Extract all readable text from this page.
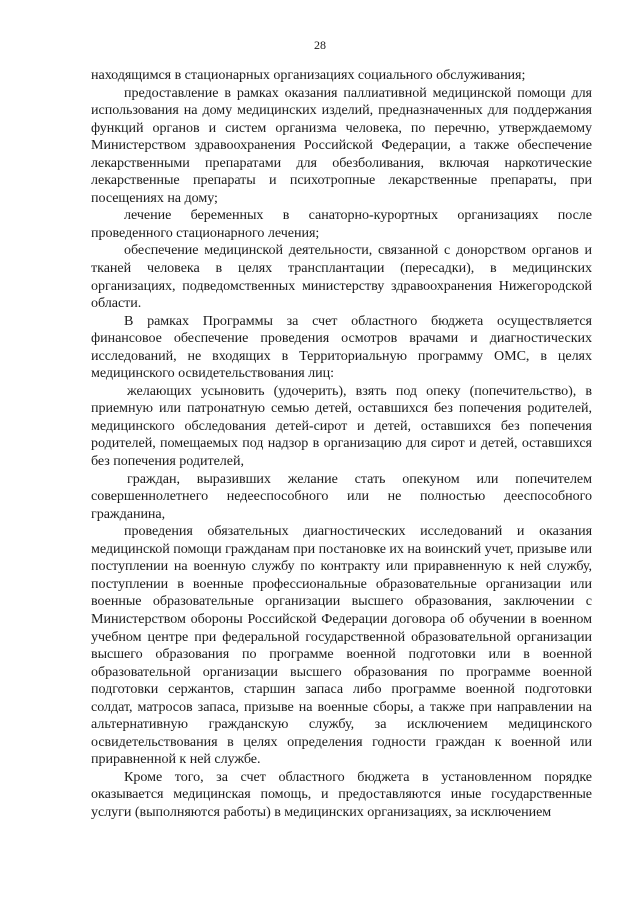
28

находящимся в стационарных организациях социального обслуживания;

предоставление в рамках оказания паллиативной медицинской помощи для использования на дому медицинских изделий, предназначенных для поддержания функций органов и систем организма человека, по перечню, утверждаемому Министерством здравоохранения Российской Федерации, а также обеспечение лекарственными препаратами для обезболивания, включая наркотические лекарственные препараты и психотропные лекарственные препараты, при посещениях на дому;

лечение беременных в санаторно-курортных организациях после проведенного стационарного лечения;

обеспечение медицинской деятельности, связанной с донорством органов и тканей человека в целях трансплантации (пересадки), в медицинских организациях, подведомственных министерству здравоохранения Нижегородской области.

В рамках Программы за счет областного бюджета осуществляется финансовое обеспечение проведения осмотров врачами и диагностических исследований, не входящих в Территориальную программу ОМС, в целях медицинского освидетельствования лиц:

желающих усыновить (удочерить), взять под опеку (попечительство), в приемную или патронатную семью детей, оставшихся без попечения родителей, медицинского обследования детей-сирот и детей, оставшихся без попечения родителей, помещаемых под надзор в организацию для сирот и детей, оставшихся без попечения родителей,

граждан, выразивших желание стать опекуном или попечителем совершеннолетнего недееспособного или не полностью дееспособного гражданина,

проведения обязательных диагностических исследований и оказания медицинской помощи гражданам при постановке их на воинский учет, призыве или поступлении на военную службу по контракту или приравненную к ней службу, поступлении в военные профессиональные образовательные организации или военные образовательные организации высшего образования, заключении с Министерством обороны Российской Федерации договора об обучении в военном учебном центре при федеральной государственной образовательной организации высшего образования по программе военной подготовки или в военной образовательной организации высшего образования по программе военной подготовки сержантов, старшин запаса либо программе военной подготовки солдат, матросов запаса, призыве на военные сборы, а также при направлении на альтернативную гражданскую службу, за исключением медицинского освидетельствования в целях определения годности граждан к военной или приравненной к ней службе.

Кроме того, за счет областного бюджета в установленном порядке оказывается медицинская помощь, и предоставляются иные государственные услуги (выполняются работы) в медицинских организациях, за исключением
